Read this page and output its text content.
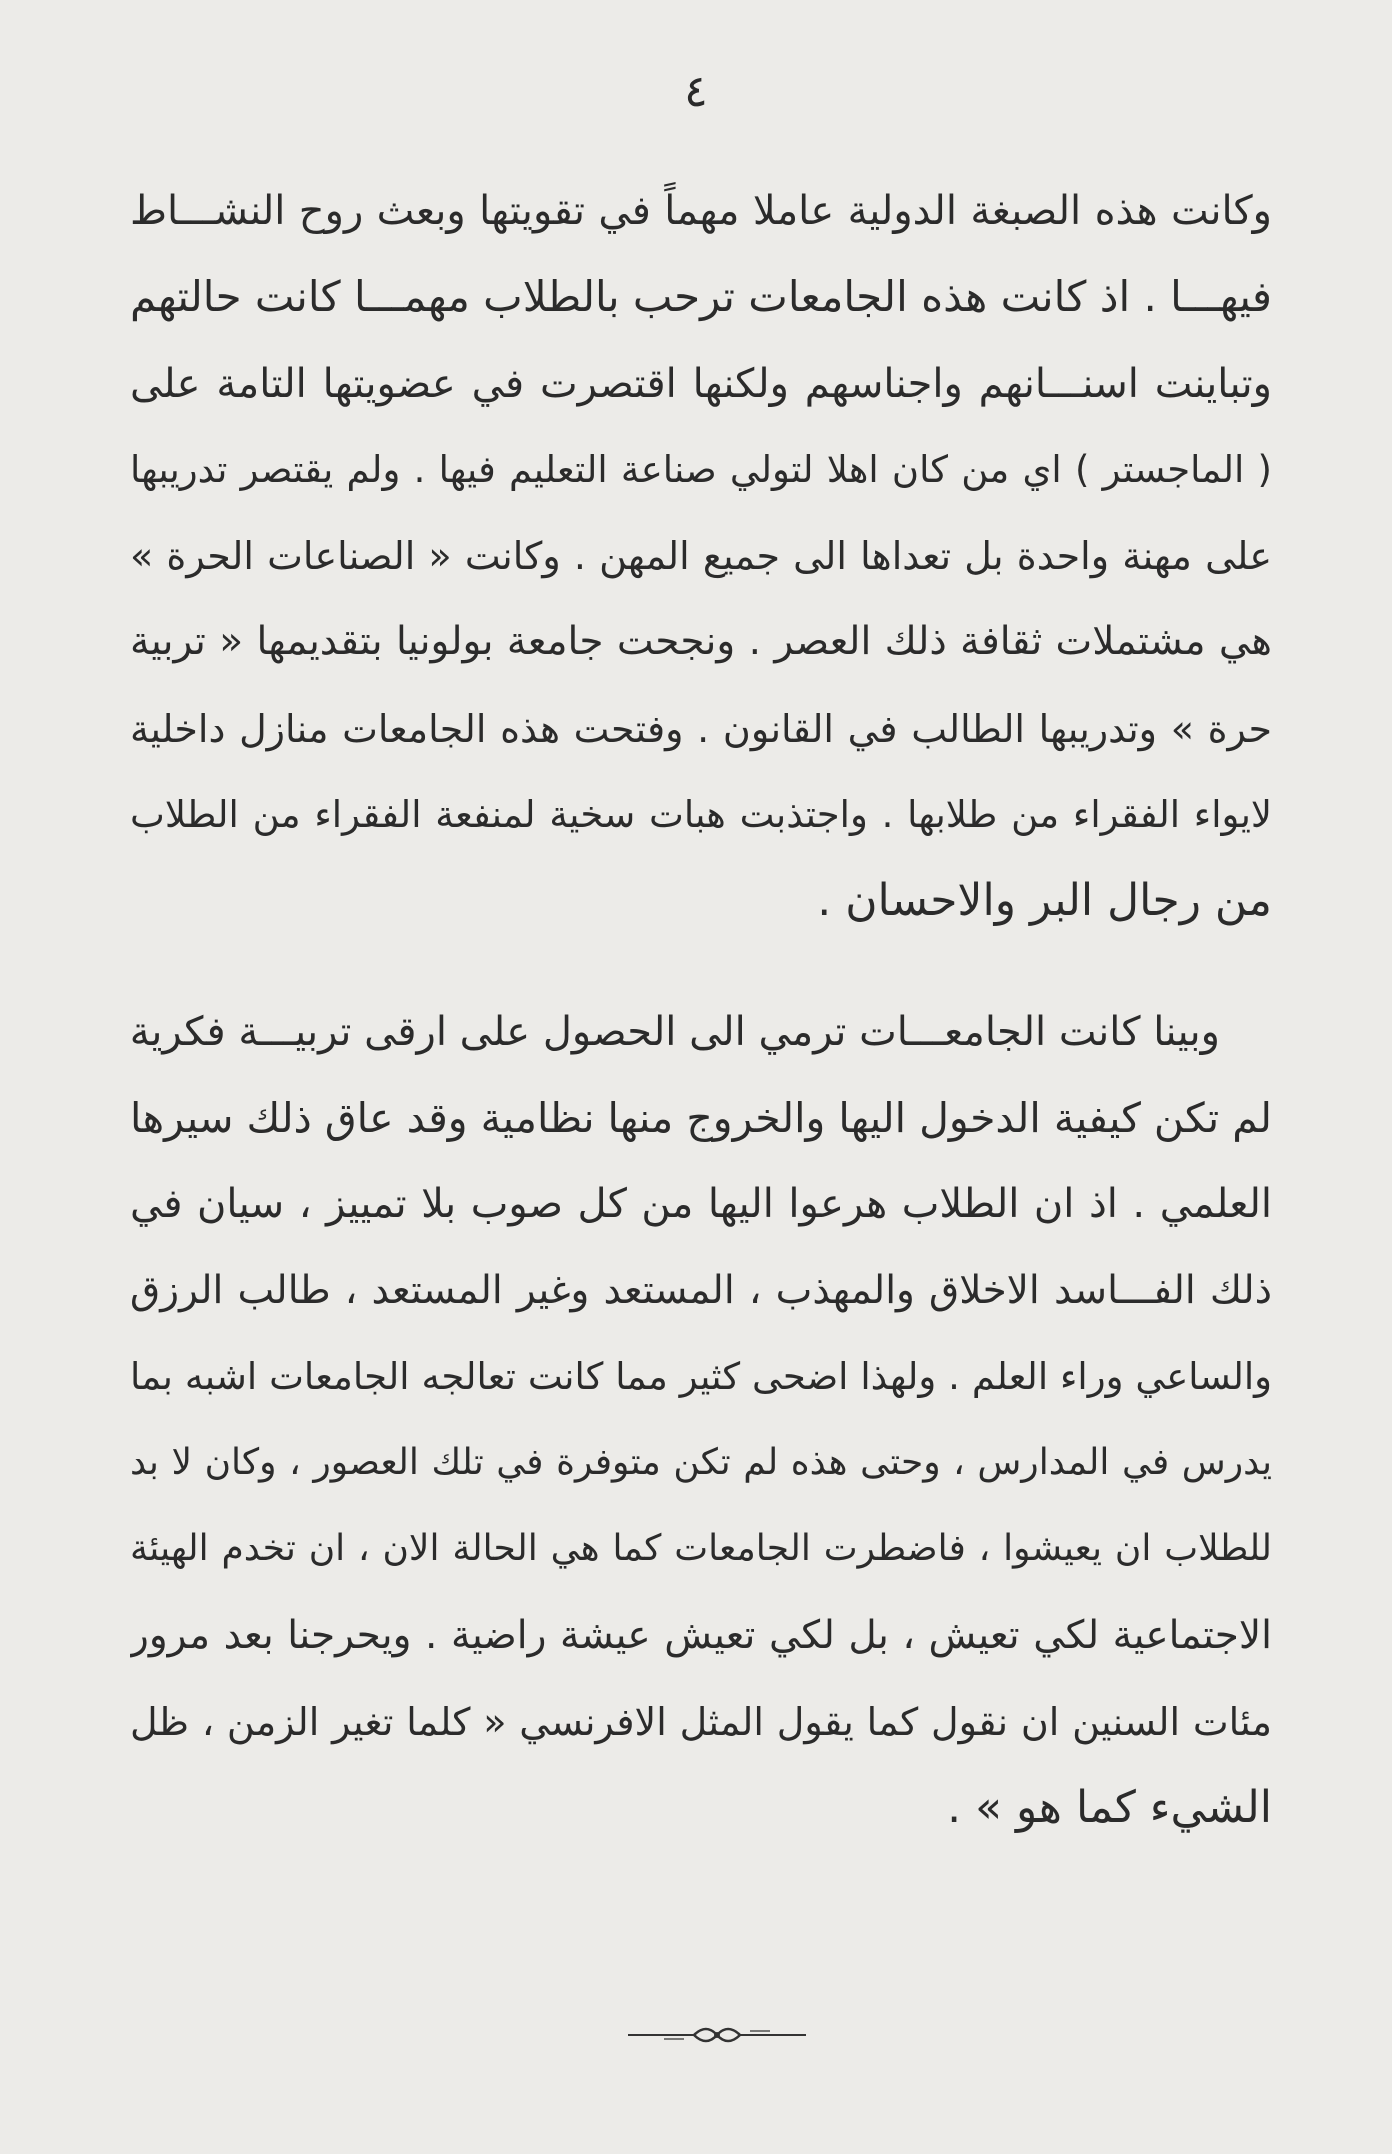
٤
وكانت هذه الصبغة الدولية عاملا مهماً في تقويتها وبعث روح النشـــاط
فيهـــا . اذ كانت هذه الجامعات ترحب بالطلاب مهمـــا كانت حالتهم
وتباينت اسنـــانهم واجناسهم ولكنها اقتصرت في عضويتها التامة على
( الماجستر ) اي من كان اهلا لتولي صناعة التعليم فيها . ولم يقتصر تدريبها
على مهنة واحدة بل تعداها الى جميع المهن . وكانت « الصناعات الحرة »
هي مشتملات ثقافة ذلك العصر . ونجحت جامعة بولونيا بتقديمها « تربية
حرة » وتدريبها الطالب في القانون . وفتحت هذه الجامعات منازل داخلية
لايواء الفقراء من طلابها . واجتذبت هبات سخية لمنفعة الفقراء من الطلاب
من رجال البر والاحسان .
وبينا كانت الجامعـــات ترمي الى الحصول على ارقى تربيـــة فكرية
لم تكن كيفية الدخول اليها والخروج منها نظامية وقد عاق ذلك سيرها
العلمي . اذ ان الطلاب هرعوا اليها من كل صوب بلا تمييز ، سيان في
ذلك الفـــاسد الاخلاق والمهذب ، المستعد وغير المستعد ، طالب الرزق
والساعي وراء العلم . ولهذا اضحى كثير مما كانت تعالجه الجامعات اشبه بما
يدرس في المدارس ، وحتى هذه لم تكن متوفرة في تلك العصور ، وكان لا بد
للطلاب ان يعيشوا ، فاضطرت الجامعات كما هي الحالة الان ، ان تخدم الهيئة
الاجتماعية لكي تعيش ، بل لكي تعيش عيشة راضية . ويحرجنا بعد مرور
مئات السنين ان نقول كما يقول المثل الافرنسي « كلما تغير الزمن ، ظل
الشيء كما هو » .
